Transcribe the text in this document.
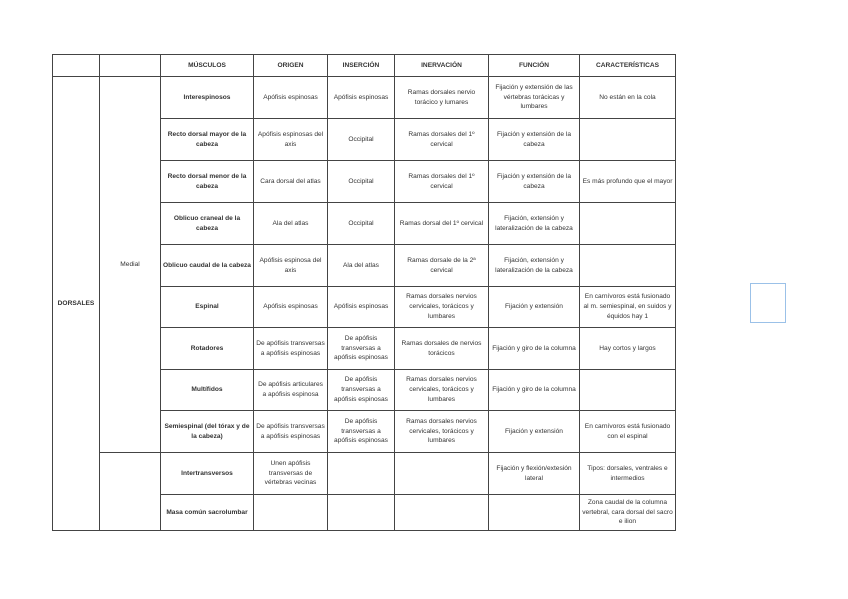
		MÚSCULOS	ORIGEN	INSERCIÓN	INERVACIÓN	FUNCIÓN	CARACTERÍSTICAS
DORSALES	Medial	Interespinosos	Apófisis espinosas	Apófisis espinosas	Ramas dorsales nervio torácico y lumares	Fijación y extensión de las vértebras torácicas y lumbares	No están en la cola
		Recto dorsal mayor de la cabeza	Apófisis espinosas del axis	Occipital	Ramas dorsales del 1º cervical	Fijación y extensión de la cabeza	
		Recto dorsal menor de la cabeza	Cara dorsal del atlas	Occipital	Ramas dorsales del 1º cervical	Fijación y extensión de la cabeza	Es más profundo que el mayor
		Oblicuo craneal de la cabeza	Ala del atlas	Occipital	Ramas dorsal del 1º cervical	Fijación, extensión y lateralización de la cabeza	
		Oblicuo caudal de la cabeza	Apófisis espinosa del axis	Ala del atlas	Ramas dorsale de la 2ª cervical	Fijación, extensión y lateralización de la cabeza	
		Espinal	Apófisis espinosas	Apófisis espinosas	Ramas dorsales nervios cervicales, torácicos y lumbares	Fijación y extensión	En carnívoros está fusionado al m. semiespinal, en suidos y équidos hay 1
		Rotadores	De apófisis transversas a apófisis espinosas	De apófisis transversas a apófisis espinosas	Ramas dorsales de nervios torácicos	Fijación y giro de la columna	Hay cortos y largos
		Multífidos	De apófisis articulares a apófisis espinosa	De apófisis transversas a apófisis espinosas	Ramas dorsales nervios cervicales, torácicos y lumbares	Fijación y giro de la columna	
		Semiespinal (del tórax y de la cabeza)	De apófisis transversas a apófisis espinosas	De apófisis transversas a apófisis espinosas	Ramas dorsales nervios cervicales, torácicos y lumbares	Fijación y extensión	En carnívoros está fusionado con el espinal
		Intertransversos	Unen apófisis transversas de vértebras vecinas			Fijación y flexión/extesión lateral	Tipos: dorsales, ventrales e intermedios
		Masa común sacrolumbar					Zona caudal de la columna vertebral, cara dorsal del sacro e ilion
